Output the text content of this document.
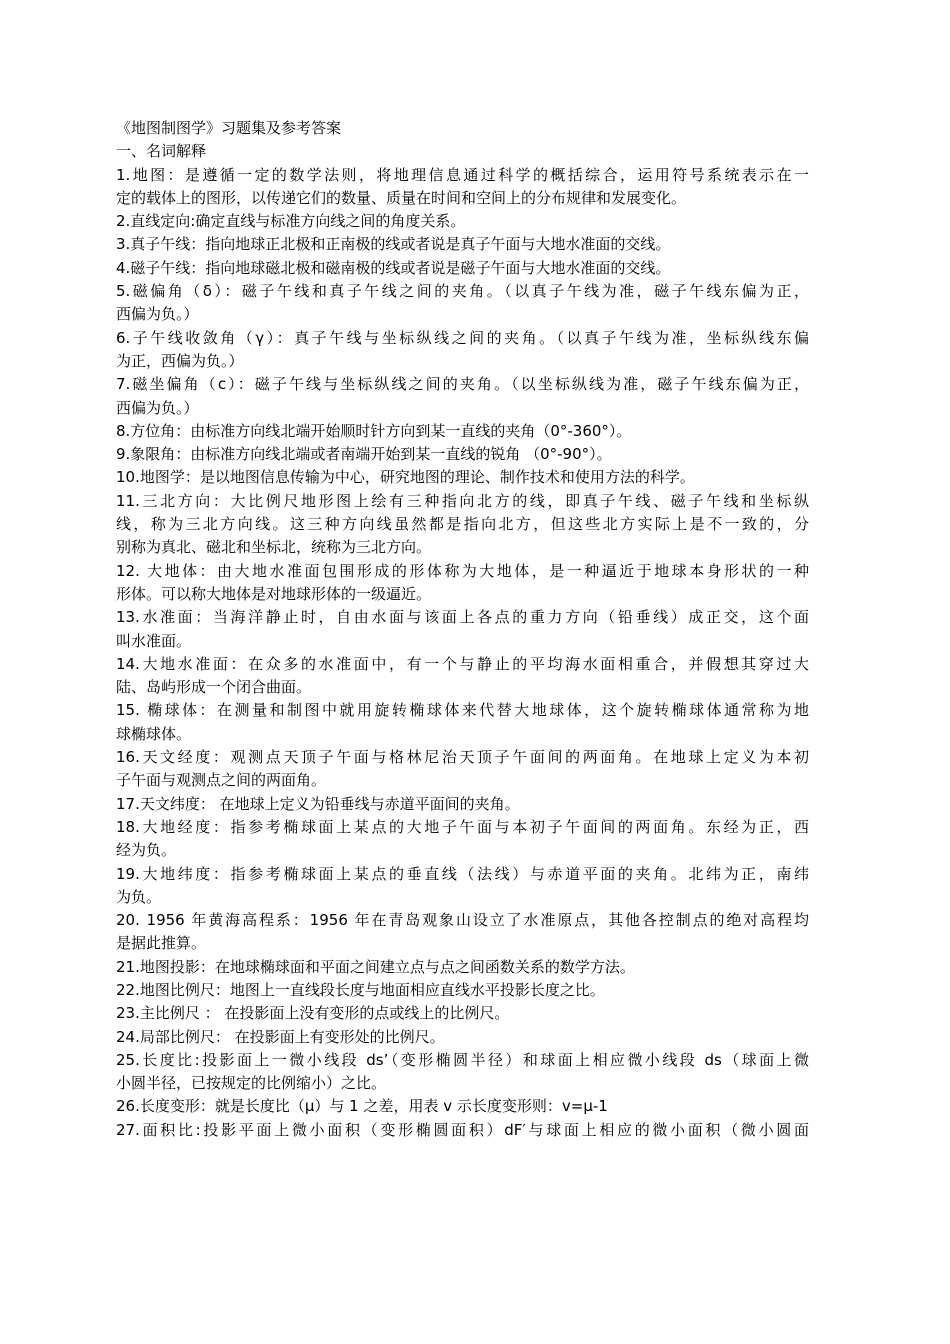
《地图制图学》习题集及参考答案
一、名词解释
1.地图：是遵循一定的数学法则，将地理信息通过科学的概括综合，运用符号系统表示在一
定的载体上的图形，以传递它们的数量、质量在时间和空间上的分布规律和发展变化。
2.直线定向:确定直线与标准方向线之间的角度关系。
3.真子午线：指向地球正北极和正南极的线或者说是真子午面与大地水准面的交线。
4.磁子午线：指向地球磁北极和磁南极的线或者说是磁子午面与大地水准面的交线。
5.磁偏角（δ）：磁子午线和真子午线之间的夹角。（以真子午线为准，磁子午线东偏为正，
西偏为负。）
6.子午线收敛角（γ）：真子午线与坐标纵线之间的夹角。（以真子午线为准，坐标纵线东偏
为正，西偏为负。）
7.磁坐偏角（c）：磁子午线与坐标纵线之间的夹角。（以坐标纵线为准，磁子午线东偏为正，
西偏为负。）
8.方位角：由标准方向线北端开始顺时针方向到某一直线的夹角（0°-360°）。
9.象限角：由标准方向线北端或者南端开始到某一直线的锐角 （0°-90°）。
10.地图学：是以地图信息传输为中心，研究地图的理论、制作技术和使用方法的科学。
11.三北方向：大比例尺地形图上绘有三种指向北方的线，即真子午线、磁子午线和坐标纵
线，称为三北方向线。这三种方向线虽然都是指向北方，但这些北方实际上是不一致的，分
别称为真北、磁北和坐标北，统称为三北方向。
12. 大地体：由大地水准面包围形成的形体称为大地体，是一种逼近于地球本身形状的一种
形体。可以称大地体是对地球形体的一级逼近。
13.水准面：当海洋静止时，自由水面与该面上各点的重力方向（铅垂线）成正交，这个面
叫水准面。
14.大地水准面：在众多的水准面中，有一个与静止的平均海水面相重合，并假想其穿过大
陆、岛屿形成一个闭合曲面。
15. 椭球体：在测量和制图中就用旋转椭球体来代替大地球体，这个旋转椭球体通常称为地
球椭球体。
16.天文经度：观测点天顶子午面与格林尼治天顶子午面间的两面角。在地球上定义为本初
子午面与观测点之间的两面角。
17.天文纬度： 在地球上定义为铅垂线与赤道平面间的夹角。
18.大地经度：指参考椭球面上某点的大地子午面与本初子午面间的两面角。东经为正，西
经为负。
19.大地纬度：指参考椭球面上某点的垂直线（法线）与赤道平面的夹角。北纬为正，南纬
为负。
20. 1956 年黄海高程系：1956 年在青岛观象山设立了水准原点，其他各控制点的绝对高程均
是据此推算。
21.地图投影：在地球椭球面和平面之间建立点与点之间函数关系的数学方法。
22.地图比例尺：地图上一直线段长度与地面相应直线水平投影长度之比。
23.主比例尺 ： 在投影面上没有变形的点或线上的比例尺。
24.局部比例尺： 在投影面上有变形处的比例尺。
25.长度比:投影面上一微小线段 ds’（变形椭圆半径）和球面上相应微小线段 ds（球面上微
小圆半径，已按规定的比例缩小）之比。
26.长度变形：就是长度比（μ）与 1 之差，用表 v 示长度变形则：v=μ-1
27.面积比:投影平面上微小面积（变形椭圆面积）dF′与球面上相应的微小面积（微小圆面
